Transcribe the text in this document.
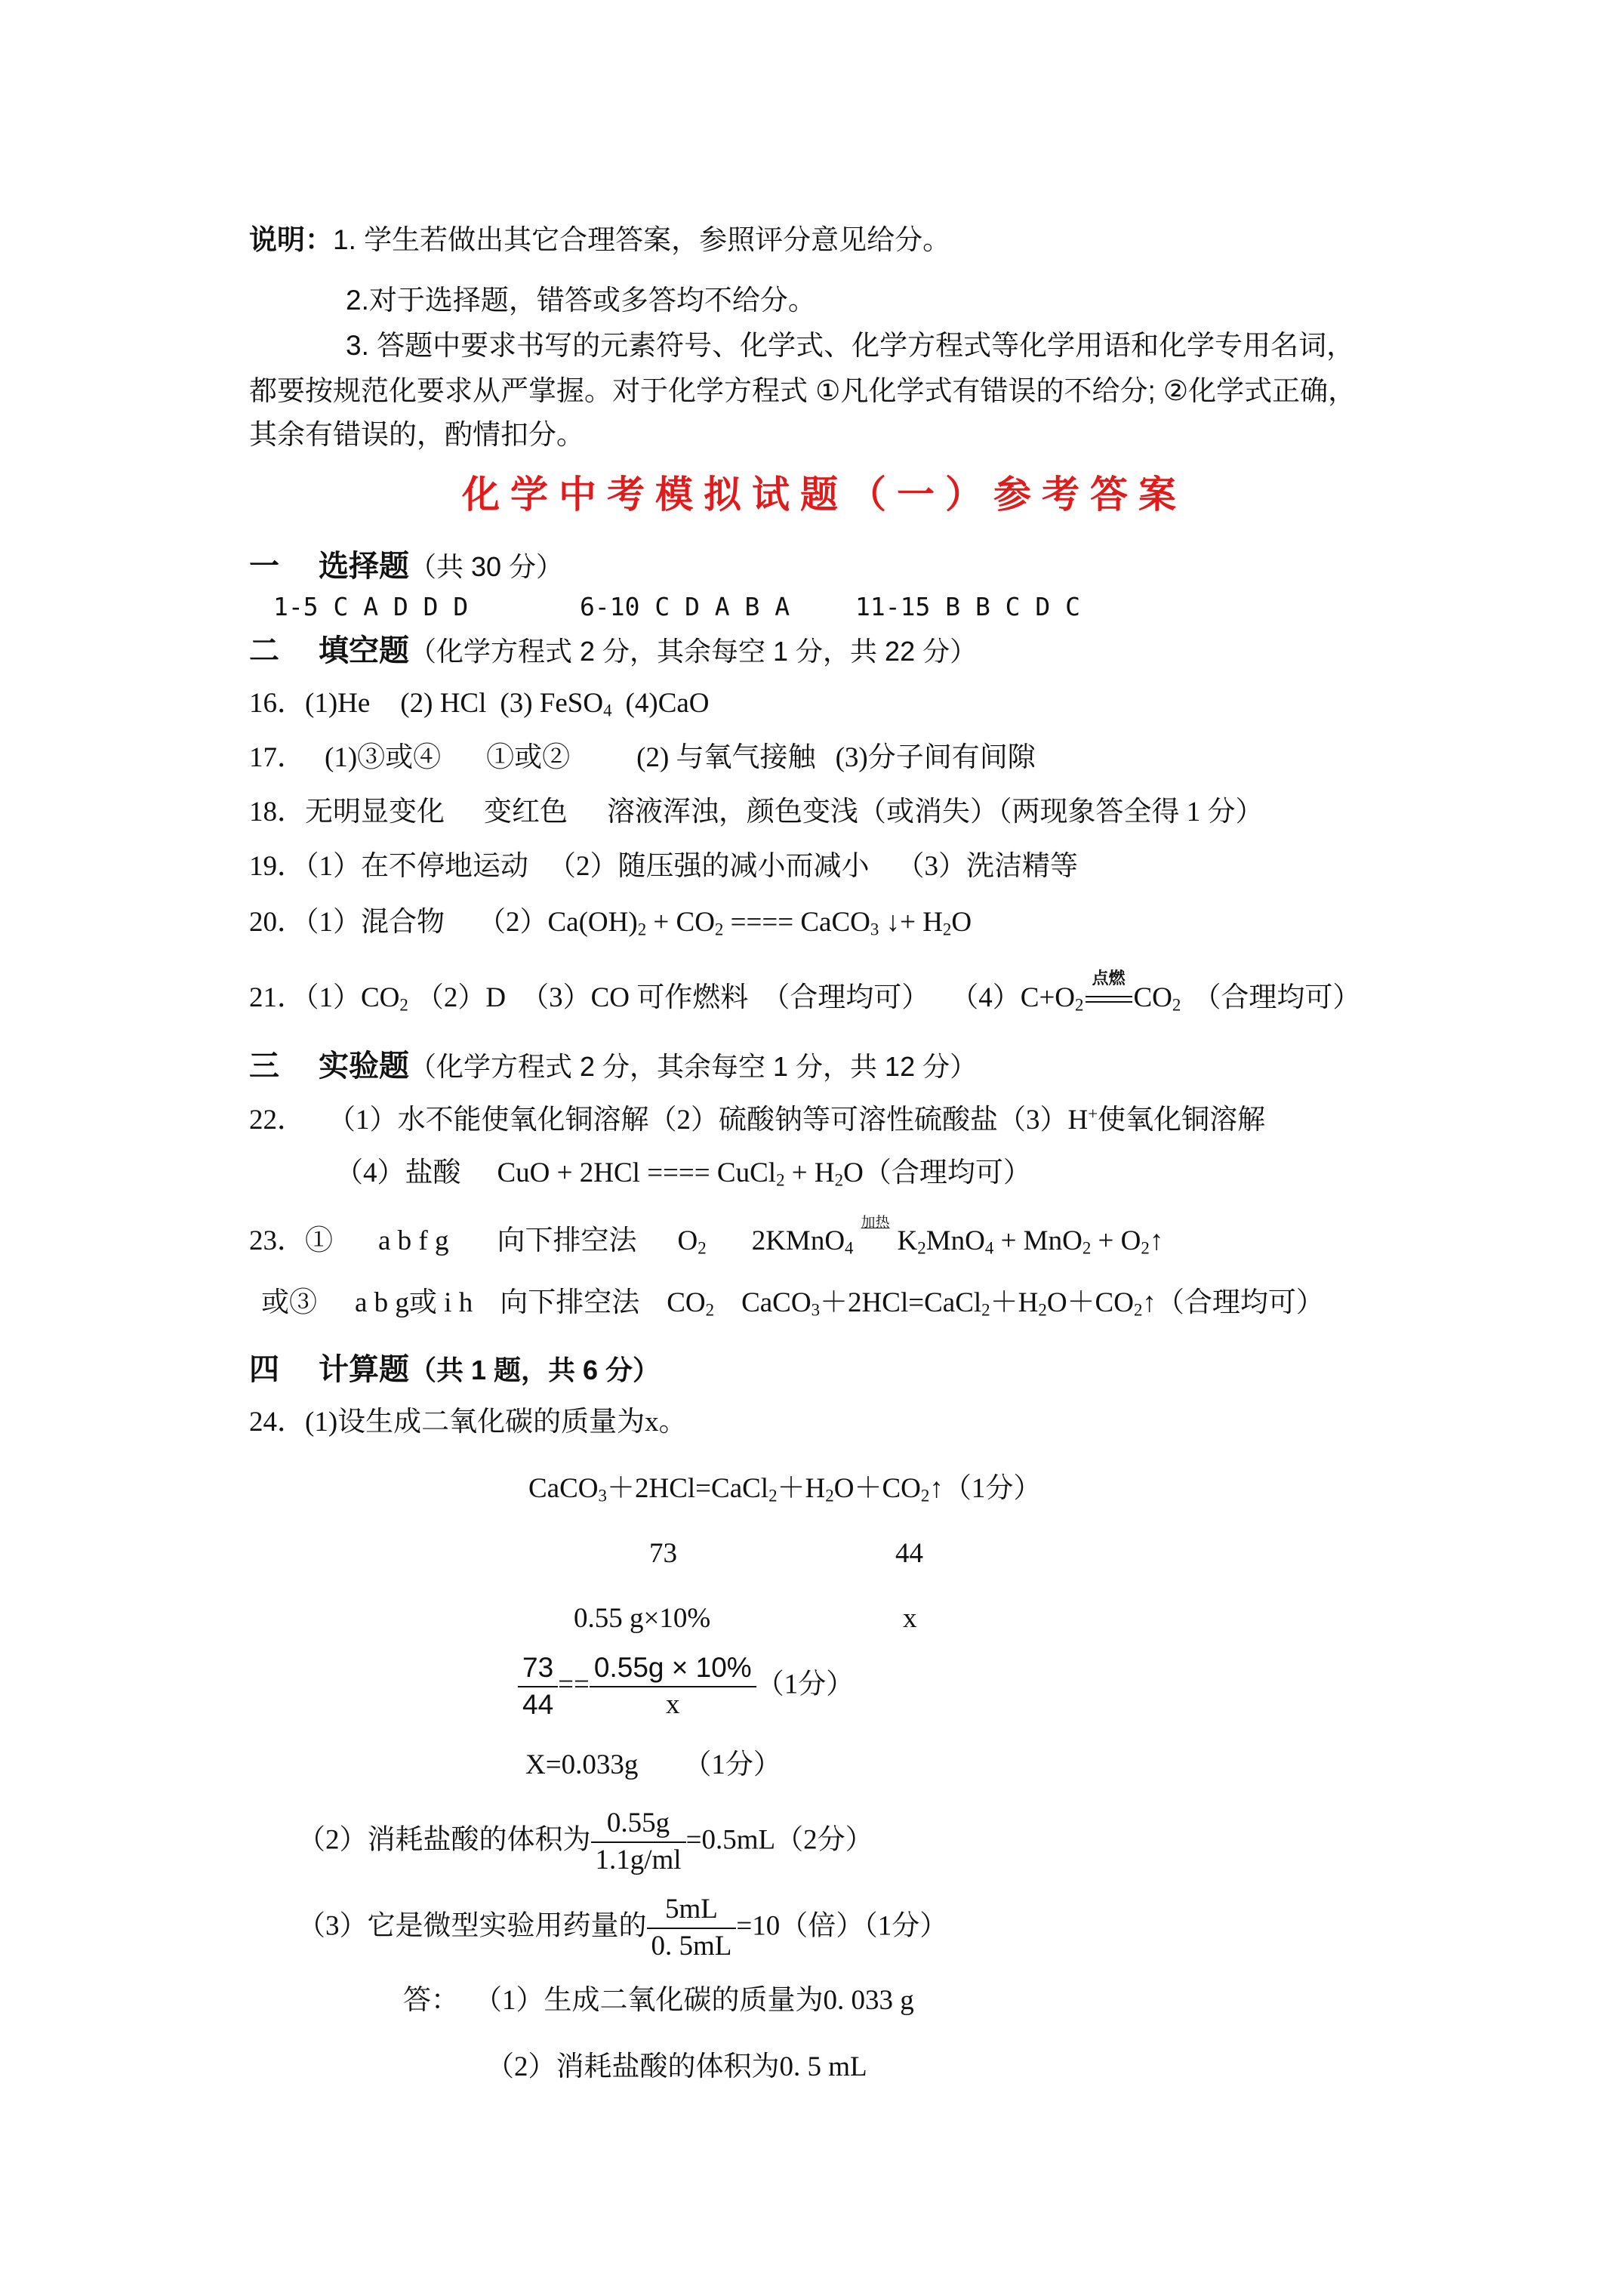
说明：1. 学生若做出其它合理答案，参照评分意见给分。
2.对于选择题，错答或多答均不给分。
3. 答题中要求书写的元素符号、化学式、化学方程式等化学用语和化学专用名词，
都要按规范化要求从严掌握。对于化学方程式 ①凡化学式有错误的不给分; ②化学式正确，
其余有错误的，酌情扣分。
化学中考模拟试题（一）参考答案
一 选择题（共 30 分）
1-5 C A D D D	6-10 C D A B A	11-15 B B C D C
二 填空题（化学方程式 2 分，其余每空 1 分，共 22 分）
16．(1)He (2) HCl (3) FeSO$_4$ (4)CaO
17． (1)③或④ ①或② (2) 与氧气接触 (3)分子间有间隙
18．无明显变化 变红色 溶液浑浊，颜色变浅（或消失）（两现象答全得 1 分）
19．（1）在不停地运动 （2）随压强的减小而减小 （3）洗洁精等
20．（1）混合物 $(2)Ca(OH)_2 + CO_2$ ==== CaCO$_3$ ↓+ $H_2O$
21．$(1)CO_2$ （2）D （3）CO 可作燃料 （合理均可） $(4)C+O_2$
点燃
$CO_2$ （合理均可）
三 实验题（化学方程式 2 分，其余每空 1 分，共 12 分）
22． （1）水不能使氧化铜溶解（2）硫酸钠等可溶性硫酸盐（3）H+使氧化铜溶解
（4）盐酸 CuO + 2HCl ==== CuCl$_2$ + $H_2O$（合理均可）
23．① a b f g 向下排空法 $O_2$ 2KMnO$_4$
加热
$K_2MnO_4 + MnO_2$ + $O_2↑$
或③ a b g或 i h 向下排空法 $CO_2$ $CaCO_3+2HCl=CaCl_2+H_2O+CO_2↑$（合理均可）
四 计算题（共 1 题，共 6 分）
24．(1)设生成二氧化碳的质量为x。
$CaCO_3+2HCl=CaCl_2+H_2O+CO_2↑(1$分）
73	44
0.55 g×10%	x
$\frac{73}{44} == \frac{0.55g \times 10\%}{x} (1$分）
X=0.033g （1分）
（2）消耗盐酸的体积为 $\frac{0.55g}{1.1g/ml} =0.5mL(2$分）
（3）它是微型实验用药量的 $\frac{5mL}{0. 5mL} =10$（倍）（1分）
答： （1）生成二氧化碳的质量为0. 033 g
（2）消耗盐酸的体积为0. 5 mL
